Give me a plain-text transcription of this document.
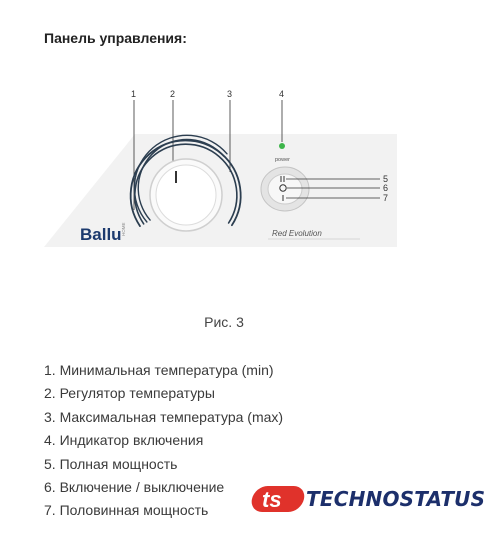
Панель управления:
1	2	3	4
Ballu HOME
power
5
6
7
Red Evolution
Рис. 3
1. Минимальная температура (min)
2. Регулятор температуры
3. Максимальная температура (max)
4. Индикатор включения
5. Полная мощность
6. Включение / выключение
7. Половинная мощность	ts TECHNOSTATUS
